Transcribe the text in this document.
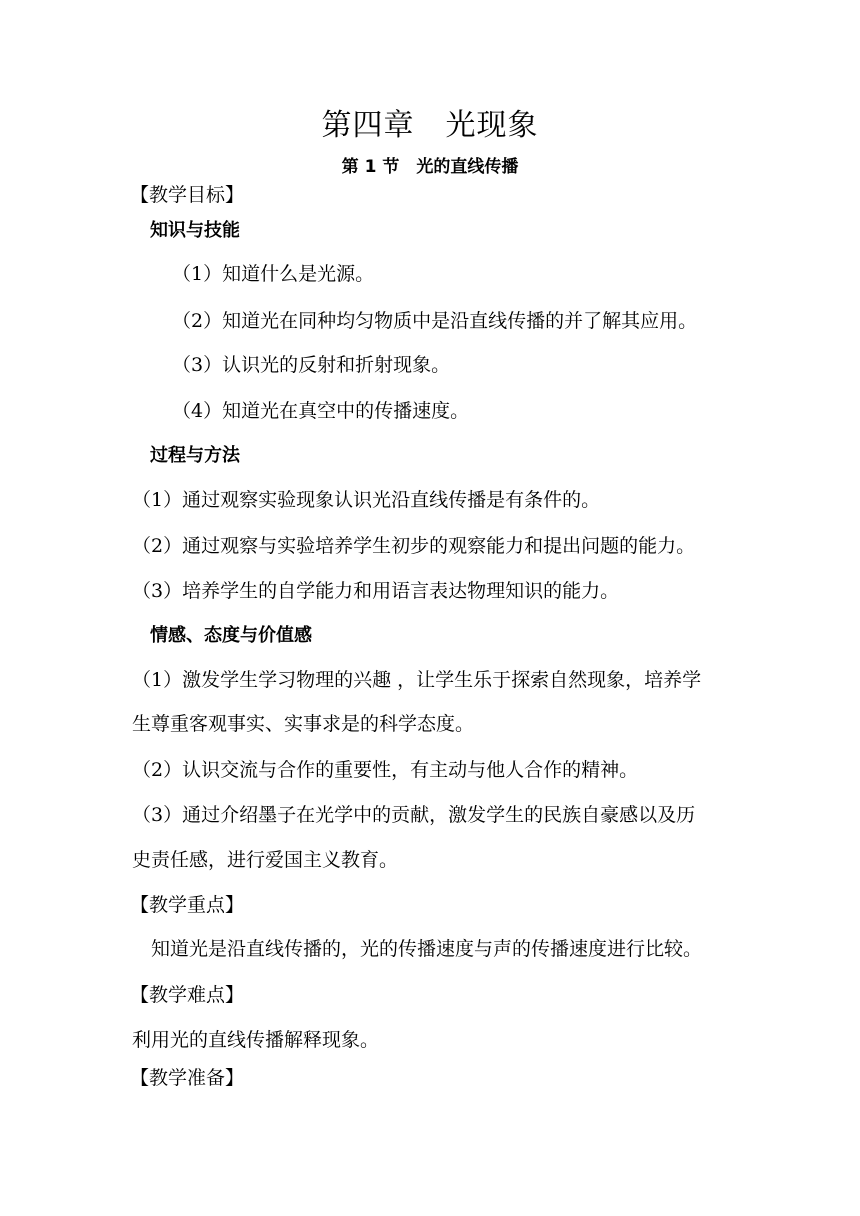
第四章　光现象
第 1 节　光的直线传播
【教学目标】
知识与技能
（1）知道什么是光源。
（2）知道光在同种均匀物质中是沿直线传播的并了解其应用。
（3）认识光的反射和折射现象。
（4）知道光在真空中的传播速度。
过程与方法
（1）通过观察实验现象认识光沿直线传播是有条件的。
（2）通过观察与实验培养学生初步的观察能力和提出问题的能力。
（3）培养学生的自学能力和用语言表达物理知识的能力。
情感、态度与价值感
（1）激发学生学习物理的兴趣 ，让学生乐于探索自然现象，培养学
生尊重客观事实、实事求是的科学态度。
（2）认识交流与合作的重要性，有主动与他人合作的精神。
（3）通过介绍墨子在光学中的贡献，激发学生的民族自豪感以及历
史责任感，进行爱国主义教育。
【教学重点】
知道光是沿直线传播的，光的传播速度与声的传播速度进行比较。
【教学难点】
利用光的直线传播解释现象。
【教学准备】
